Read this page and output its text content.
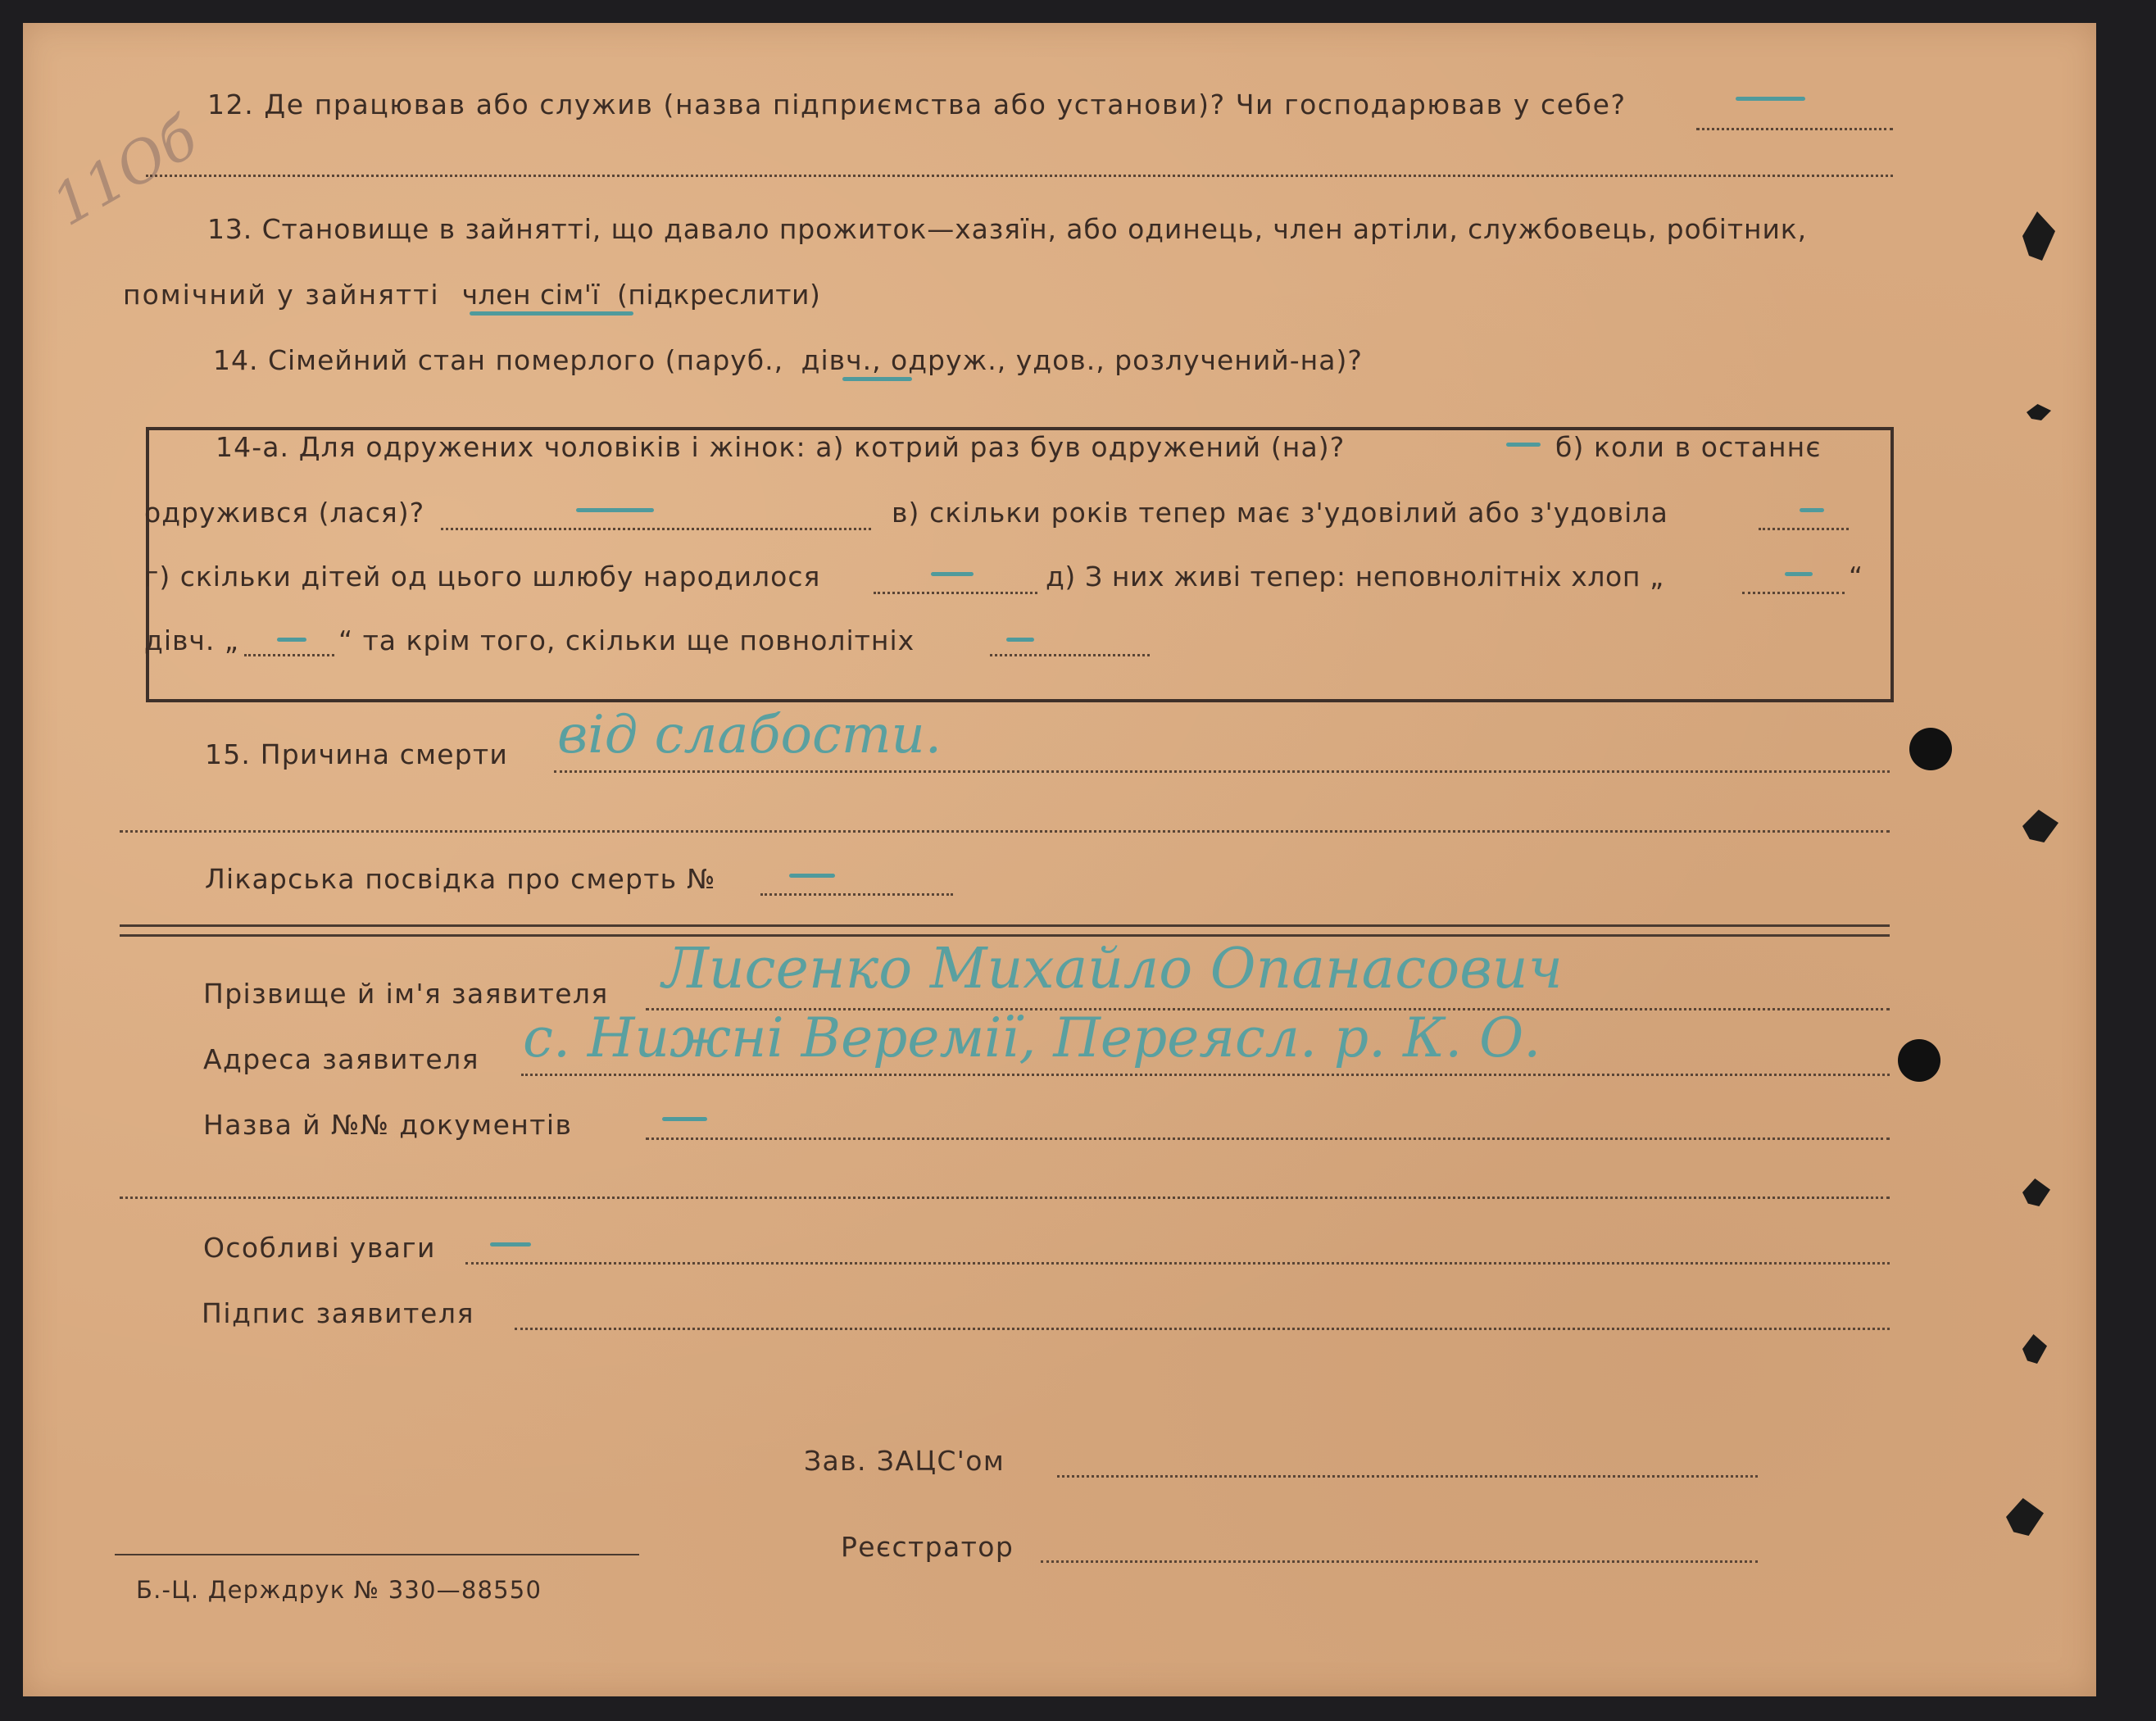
11Об
12. Де працював або служив (назва підприємства або установи)? Чи господарював у себе?
13. Становище в зайнятті, що давало прожиток—хазяїн, або одинець, член артіли, службовець, робітник,
помічний у зайнятті член сім'ї (підкреслити)
14. Сімейний стан померлого (паруб., дівч., одруж., удов., розлучений-на)?
14-а. Для одружених чоловіків і жінок: а) котрий раз був одружений (на)?	б) коли в останнє
одружився (лася)?	в) скільки років тепер має з'удовілий або з'удовіла
г) скільки дітей од цього шлюбу народилося	д) З них живі тепер: неповнолітніх хлоп „	“
дівч. „	“ та крім того, скільки ще повнолітніх
15. Причина смерти від слабости.
Лікарська посвідка про смерть №
Прізвище й ім'я заявителя Лисенко Михайло Опанасович
Адреса заявителя с. Нижні Веремії, Переясл. р. К. О.
Назва й №№ документів
Особливі уваги
Підпис заявителя
Зав. ЗАЦС'ом
Реєстратор
Б.-Ц. Держдрук № 330—88550
